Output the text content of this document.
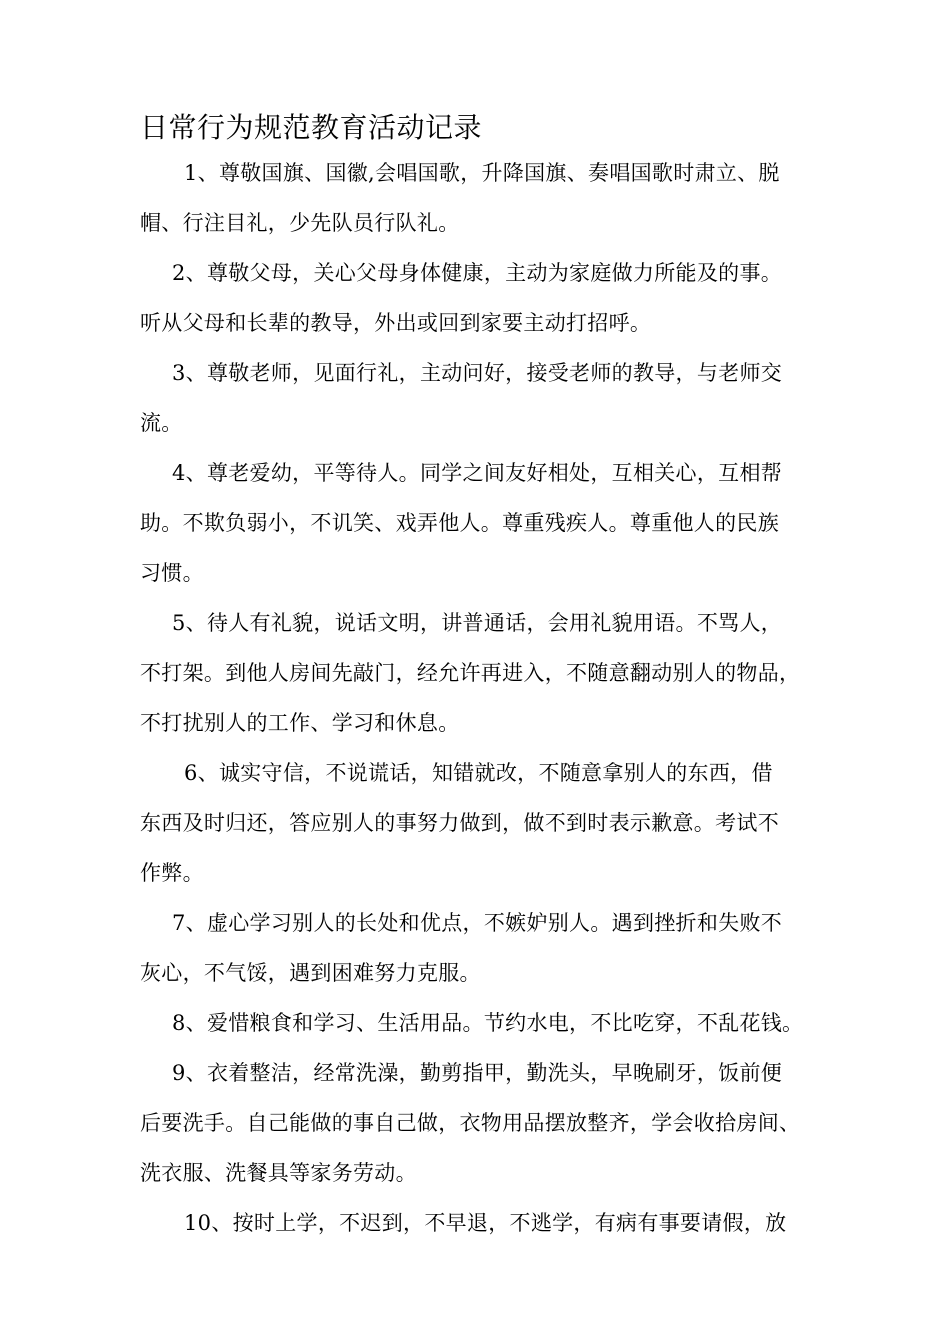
日常行为规范教育活动记录
1、尊敬国旗、国徽,会唱国歌，升降国旗、奏唱国歌时肃立、脱
帽、行注目礼，少先队员行队礼。
2、尊敬父母，关心父母身体健康，主动为家庭做力所能及的事。
听从父母和长辈的教导，外出或回到家要主动打招呼。
3、尊敬老师，见面行礼，主动问好，接受老师的教导，与老师交
流。
4、尊老爱幼，平等待人。同学之间友好相处，互相关心，互相帮
助。不欺负弱小，不讥笑、戏弄他人。尊重残疾人。尊重他人的民族
习惯。
5、待人有礼貌，说话文明，讲普通话，会用礼貌用语。不骂人，
不打架。到他人房间先敲门，经允许再进入，不随意翻动别人的物品，
不打扰别人的工作、学习和休息。
6、诚实守信，不说谎话，知错就改，不随意拿别人的东西，借
东西及时归还，答应别人的事努力做到，做不到时表示歉意。考试不
作弊。
7、虚心学习别人的长处和优点，不嫉妒别人。遇到挫折和失败不
灰心，不气馁，遇到困难努力克服。
8、爱惜粮食和学习、生活用品。节约水电，不比吃穿，不乱花钱。
9、衣着整洁，经常洗澡，勤剪指甲，勤洗头，早晚刷牙，饭前便
后要洗手。自己能做的事自己做，衣物用品摆放整齐，学会收拾房间、
洗衣服、洗餐具等家务劳动。
10、按时上学，不迟到，不早退，不逃学，有病有事要请假，放
